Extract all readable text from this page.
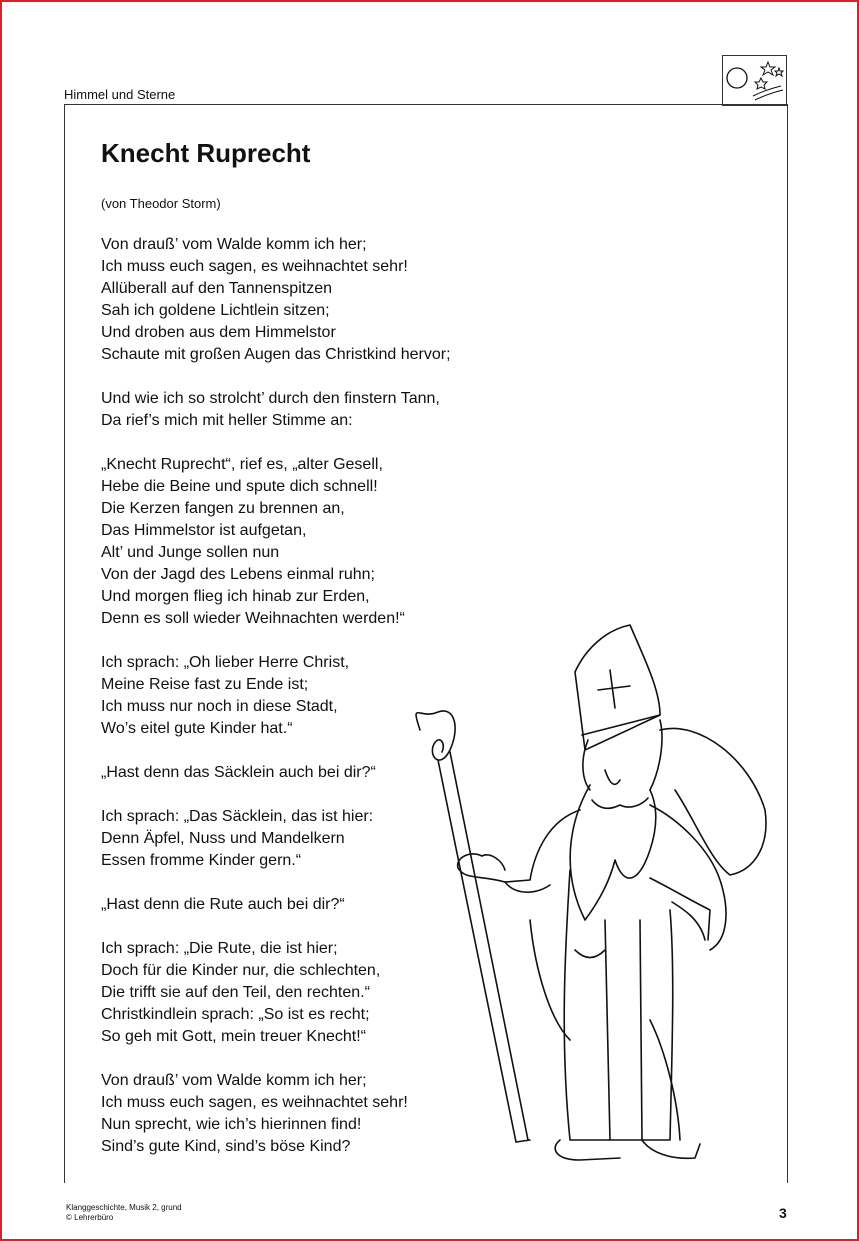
Himmel und Sterne
Knecht Ruprecht
(von Theodor Storm)

Von drauß’ vom Walde komm ich her;
Ich muss euch sagen, es weihnachtet sehr!
Allüberall auf den Tannenspitzen
Sah ich goldene Lichtlein sitzen;
Und droben aus dem Himmelstor
Schaute mit großen Augen das Christkind hervor;

Und wie ich so strolcht’ durch den finstern Tann,
Da rief’s mich mit heller Stimme an:

„Knecht Ruprecht“, rief es, „alter Gesell,
Hebe die Beine und spute dich schnell!
Die Kerzen fangen zu brennen an,
Das Himmelstor ist aufgetan,
Alt’ und Junge sollen nun
Von der Jagd des Lebens einmal ruhn;
Und morgen flieg ich hinab zur Erden,
Denn es soll wieder Weihnachten werden!“

Ich sprach: „Oh lieber Herre Christ,
Meine Reise fast zu Ende ist;
Ich muss nur noch in diese Stadt,
Wo’s eitel gute Kinder hat.“

„Hast denn das Säcklein auch bei dir?“

Ich sprach: „Das Säcklein, das ist hier:
Denn Äpfel, Nuss und Mandelkern
Essen fromme Kinder gern.“

„Hast denn die Rute auch bei dir?“

Ich sprach: „Die Rute, die ist hier;
Doch für die Kinder nur, die schlechten,
Die trifft sie auf den Teil, den rechten.“
Christkindlein sprach: „So ist es recht;
So geh mit Gott, mein treuer Knecht!“

Von drauß’ vom Walde komm ich her;
Ich muss euch sagen, es weihnachtet sehr!
Nun sprecht, wie ich’s hierinnen find!
Sind’s gute Kind, sind’s böse Kind?

Klanggeschichte, Musik 2, grund
© Lehrerbüro	3
